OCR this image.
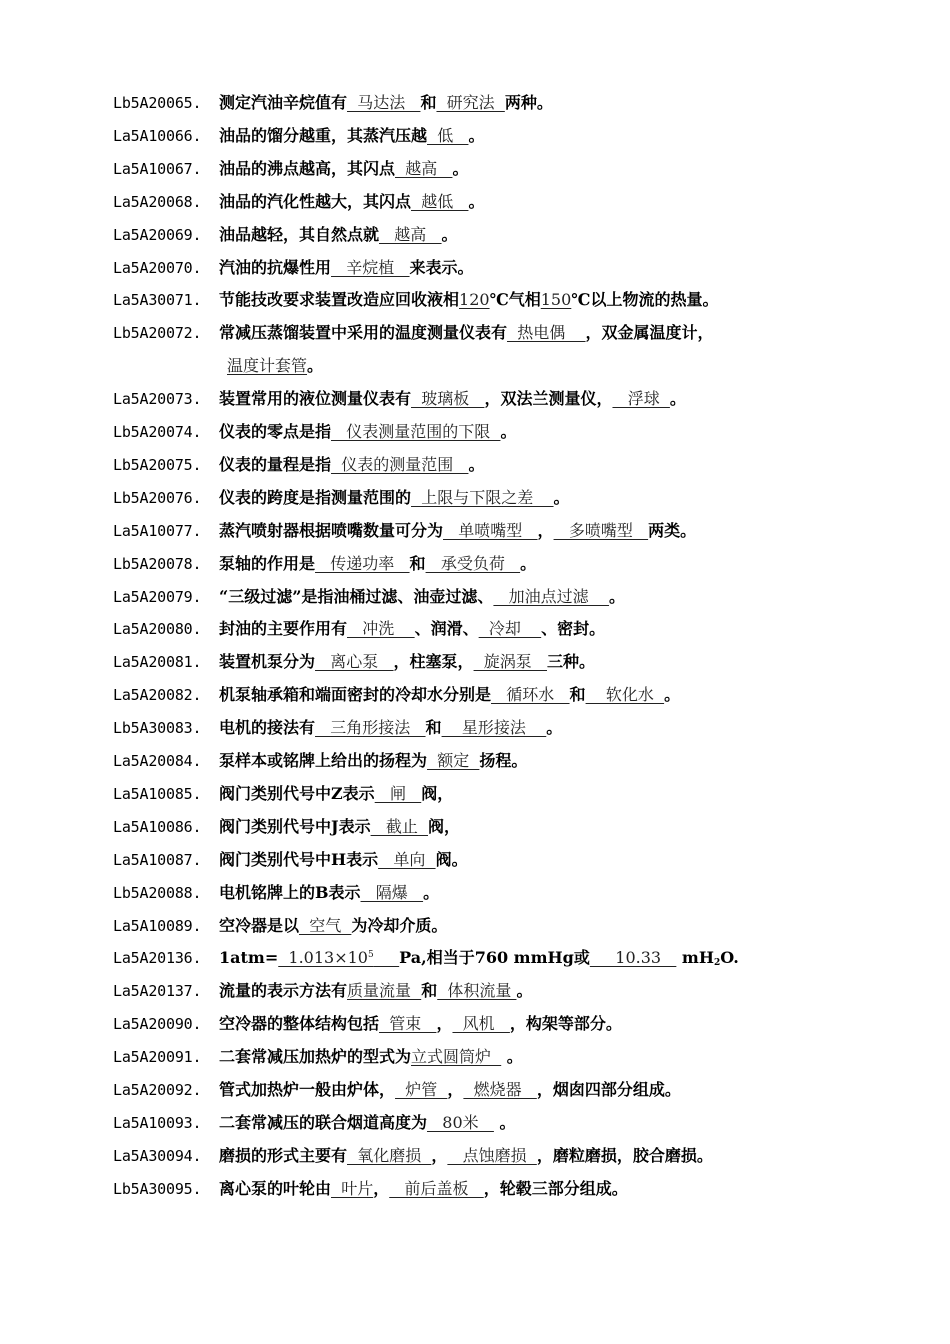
Lb5A20065. 测定汽油辛烷值有  马达法   和  研究法  两种。
La5A10066. 油品的馏分越重，其蒸汽压越  低   。
La5A10067. 油品的沸点越高，其闪点  越高   。
La5A20068. 油品的汽化性越大，其闪点  越低   。
La5A20069. 油品越轻，其自然点就   越高   。
La5A20070. 汽油的抗爆性用   辛烷植   来表示。
La5A30071. 节能技改要求装置改造应回收液相120℃气相150℃以上物流的热量。
Lb5A20072. 常减压蒸馏装置中采用的温度测量仪表有  热电偶    ，双金属温度计，
La5A20073. 装置常用的液位测量仪表有  玻璃板   ，双法兰测量仪，   浮球  。
Lb5A20074. 仪表的零点是指   仪表测量范围的下限  。
Lb5A20075. 仪表的量程是指  仪表的测量范围   。
Lb5A20076. 仪表的跨度是指测量范围的  上限与下限之差    。
La5A10077. 蒸汽喷射器根据喷嘴数量可分为   单喷嘴型   ，   多喷嘴型   两类。
Lb5A20078. 泵轴的作用是   传递功率   和   承受负荷   。
La5A20079. “三级过滤”是指油桶过滤、油壶过滤、   加油点过滤    。
La5A20080. 封油的主要作用有   冲洗    、润滑、  冷却    、密封。
La5A20081. 装置机泵分为   离心泵   ，柱塞泵，  旋涡泵   三种。
La5A20082. 机泵轴承箱和端面密封的冷却水分别是   循环水   和    软化水  。
Lb5A30083. 电机的接法有   三角形接法   和    星形接法    。
La5A20084. 泵样本或铭牌上给出的扬程为  额定  扬程。
La5A10085. 阀门类别代号中Z表示   闸   阀，
La5A10086. 阀门类别代号中J表示   截止  阀，
La5A10087. 阀门类别代号中H表示   单向  阀。
Lb5A20088. 电机铭牌上的B表示   隔爆   。
La5A10089. 空冷器是以  空气  为冷却介质。
La5A20136. $1atm= 1.013\times 10^5$ Pa,相当于760 mmHg或     10.33    $mH_2O$.
La5A20137. 流量的表示方法有质量流量  和  体积流量 。
La5A20090. 空冷器的整体结构包括  管束   ，  风机   ，构架等部分。
La5A20091. 二套常减压加热炉的型式为立式圆筒炉   。
La5A20092. 管式加热炉一般由炉体，  炉管  ，  燃烧器   ，烟囱四部分组成。
La5A10093. 二套常减压的联合烟道高度为   80米    。
La5A30094. 磨损的形式主要有  氧化磨损  ，   点蚀磨损  ，磨粒磨损，胶合磨损。
Lb5A30095. 离心泵的叶轮由  叶片，   前后盖板   ，轮毂三部分组成。
温度计套管。
